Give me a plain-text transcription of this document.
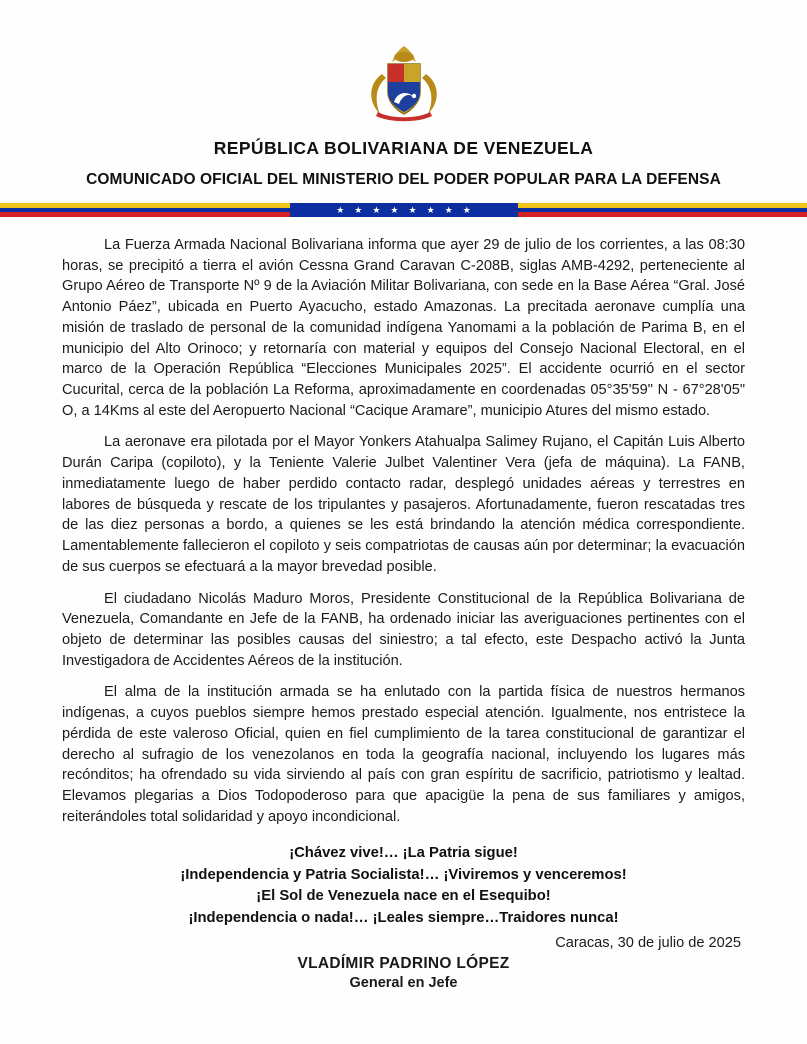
REPÚBLICA BOLIVARIANA DE VENEZUELA
COMUNICADO OFICIAL DEL MINISTERIO DEL PODER POPULAR PARA LA DEFENSA
★ ★ ★ ★ ★ ★ ★ ★

La Fuerza Armada Nacional Bolivariana informa que ayer 29 de julio de los corrientes, a las 08:30 horas, se precipitó a tierra el avión Cessna Grand Caravan C-208B, siglas AMB-4292, perteneciente al Grupo Aéreo de Transporte Nº 9 de la Aviación Militar Bolivariana, con sede en la Base Aérea “Gral. José Antonio Páez”, ubicada en Puerto Ayacucho, estado Amazonas. La precitada aeronave cumplía una misión de traslado de personal de la comunidad indígena Yanomami a la población de Parima B, en el municipio del Alto Orinoco; y retornaría con material y equipos del Consejo Nacional Electoral, en el marco de la Operación República “Elecciones Municipales 2025”. El accidente ocurrió en el sector Cucurital, cerca de la población La Reforma, aproximadamente en coordenadas 05°35'59" N - 67°28'05" O, a 14Kms al este del Aeropuerto Nacional “Cacique Aramare”, municipio Atures del mismo estado.

La aeronave era pilotada por el Mayor Yonkers Atahualpa Salimey Rujano, el Capitán Luis Alberto Durán Caripa (copiloto), y la Teniente Valerie Julbet Valentiner Vera (jefa de máquina). La FANB, inmediatamente luego de haber perdido contacto radar, desplegó unidades aéreas y terrestres en labores de búsqueda y rescate de los tripulantes y pasajeros. Afortunadamente, fueron rescatadas tres de las diez personas a bordo, a quienes se les está brindando la atención médica correspondiente. Lamentablemente fallecieron el copiloto y seis compatriotas de causas aún por determinar; la evacuación de sus cuerpos se efectuará a la mayor brevedad posible.

El ciudadano Nicolás Maduro Moros, Presidente Constitucional de la República Bolivariana de Venezuela, Comandante en Jefe de la FANB, ha ordenado iniciar las averiguaciones pertinentes con el objeto de determinar las posibles causas del siniestro; a tal efecto, este Despacho activó la Junta Investigadora de Accidentes Aéreos de la institución.

El alma de la institución armada se ha enlutado con la partida física de nuestros hermanos indígenas, a cuyos pueblos siempre hemos prestado especial atención. Igualmente, nos entristece la pérdida de este valeroso Oficial, quien en fiel cumplimiento de la tarea constitucional de garantizar el derecho al sufragio de los venezolanos en toda la geografía nacional, incluyendo los lugares más recónditos; ha ofrendado su vida sirviendo al país con gran espíritu de sacrificio, patriotismo y lealtad. Elevamos plegarias a Dios Todopoderoso para que apacigüe la pena de sus familiares y amigos, reiterándoles total solidaridad y apoyo incondicional.

¡Chávez vive!… ¡La Patria sigue!
¡Independencia y Patria Socialista!… ¡Viviremos y venceremos!
¡El Sol de Venezuela nace en el Esequibo!
¡Independencia o nada!… ¡Leales siempre…Traidores nunca!
Caracas, 30 de julio de 2025
VLADÍMIR PADRINO LÓPEZ
General en Jefe
